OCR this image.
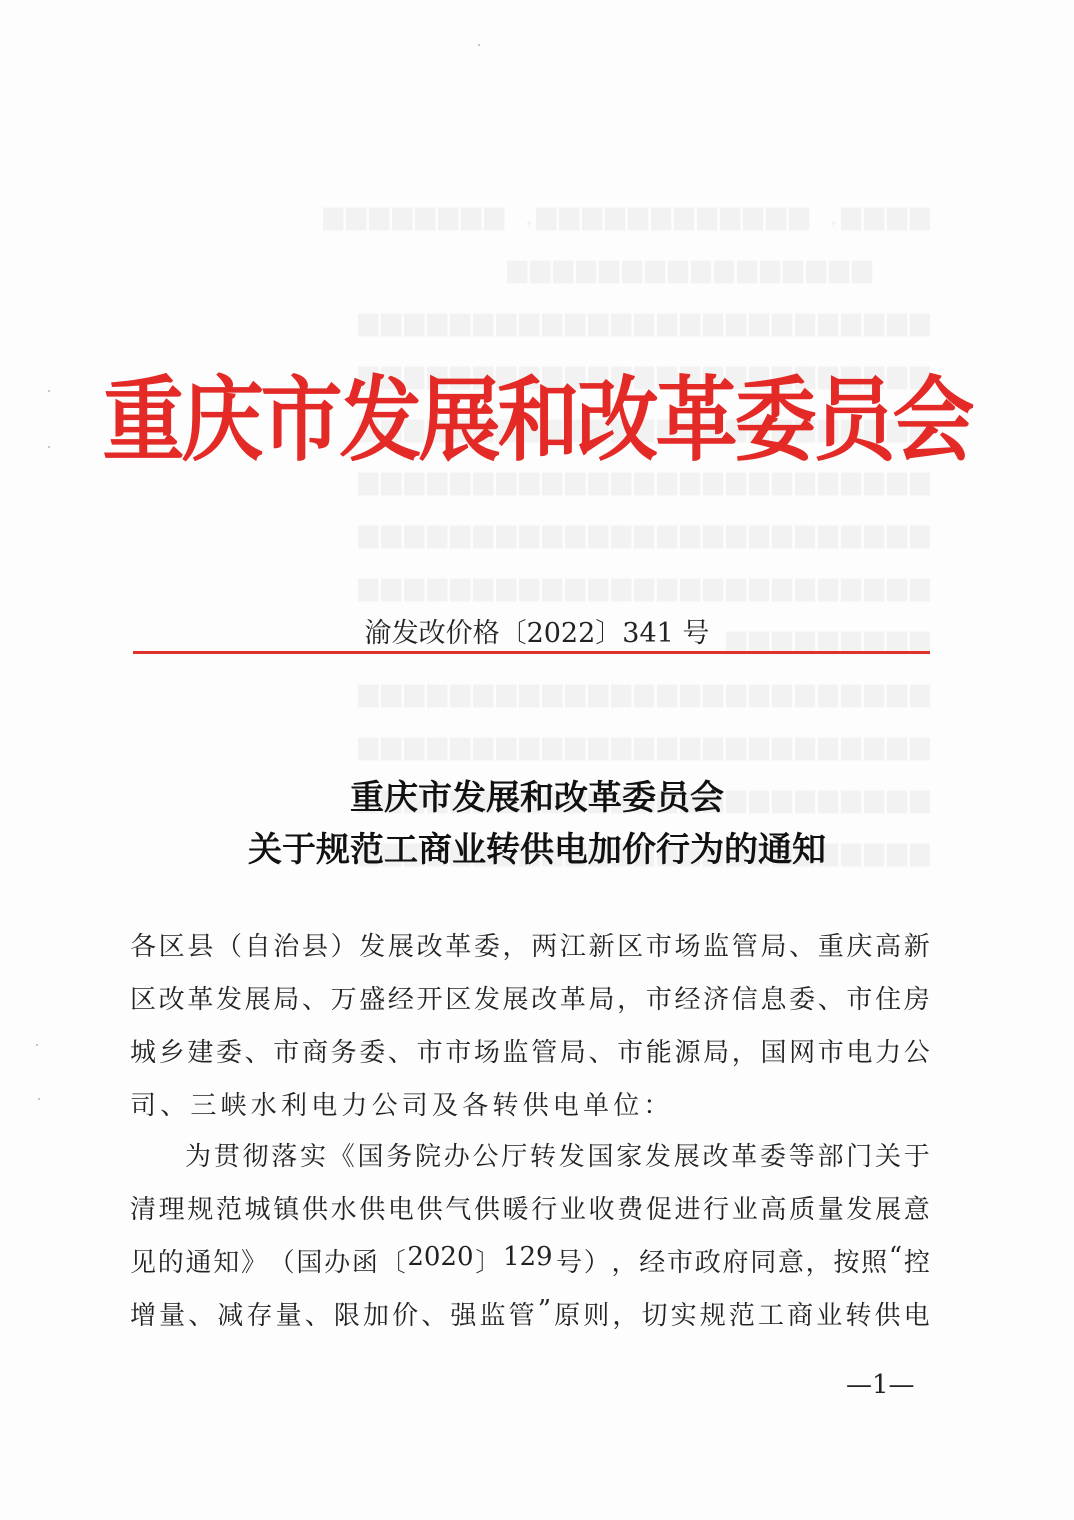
重庆市发展和改革委员会
渝发改价格〔2022〕341 号
重庆市发展和改革委员会
关于规范工商业转供电加价行为的通知
各 区 县 （ 自 治 县 ） 发 展 改 革 委 ， 两 江 新 区 市 场 监 管 局 、 重 庆 高 新
区 改 革 发 展 局 、 万 盛 经 开 区 发 展 改 革 局 ， 市 经 济 信 息 委 、 市 住 房
城 乡 建 委 、 市 商 务 委 、 市 市 场 监 管 局 、 市 能 源 局 ， 国 网 市 电 力 公
司、三峡水利电力公司及各转供电单位：
为 贯 彻 落 实 《 国 务 院 办 公 厅 转 发 国 家 发 展 改 革 委 等 部 门 关 于
清 理 规 范 城 镇 供 水 供 电 供 气 供 暖 行 业 收 费 促 进 行 业 高 质 量 发 展 意
见 的 通 知 》 （ 国 办 函 〔 2020 〕 129 号 ） ， 经 市 政 府 同 意 ， 按 照 “ 控
增 量 、 减 存 量 、 限 加 价 、 强 监 管 ” 原 则 ， 切 实 规 范 工 商 业 转 供 电
—1—
